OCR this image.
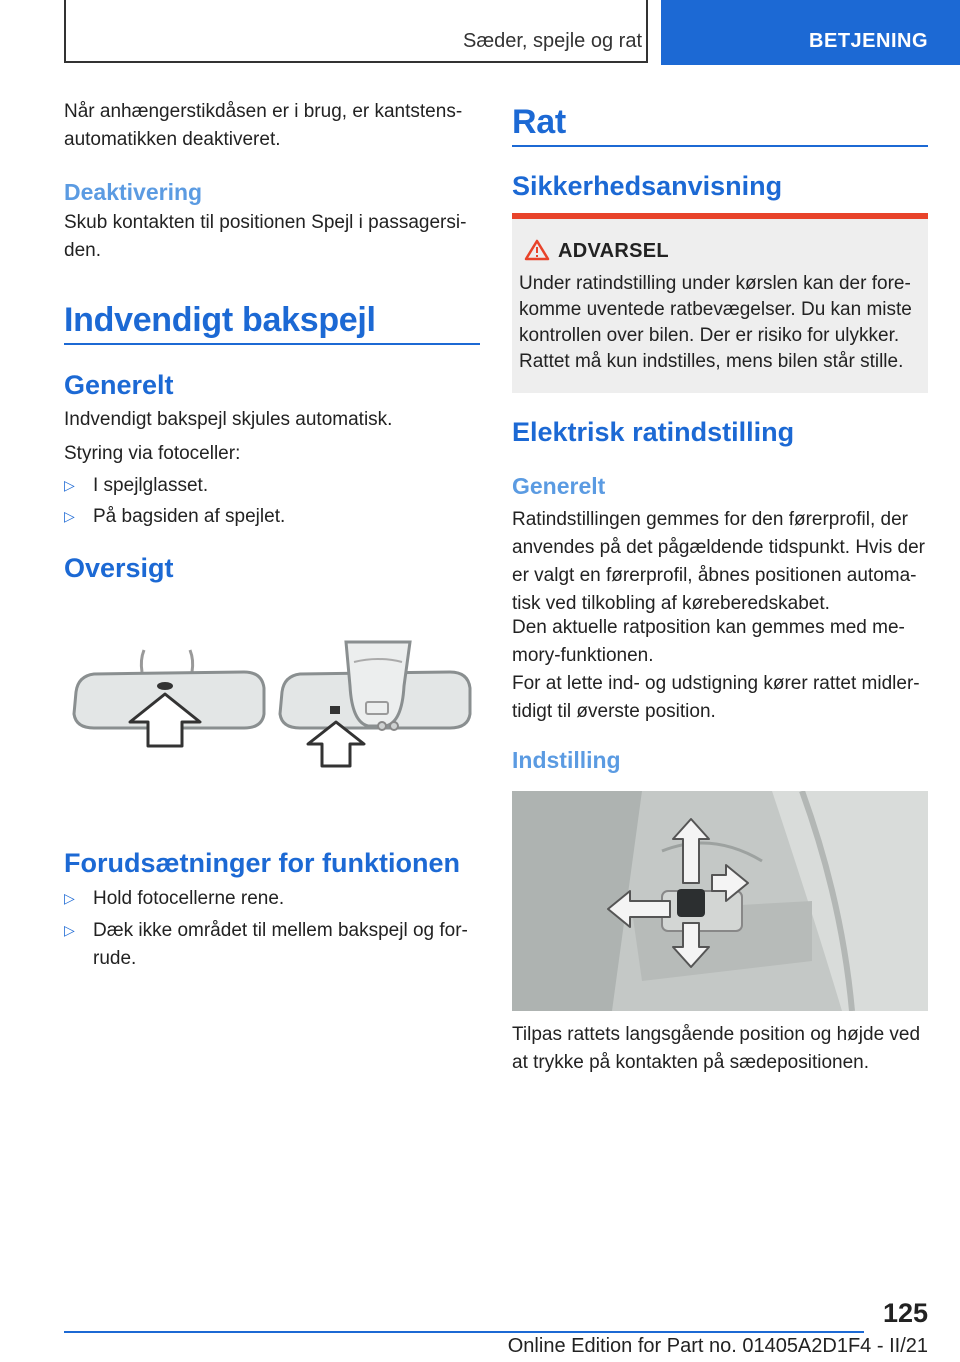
Sæder, spejle og rat	BETJENING
Når anhængerstikdåsen er i brug, er kantstensautomatikken deaktiveret.
Deaktivering
Skub kontakten til positionen Spejl i passagersiden.
Indvendigt bakspejl
Generelt
Indvendigt bakspejl skjules automatisk.
Styring via fotoceller:
▷ I spejlglasset.
▷ På bagsiden af spejlet.
Oversigt
Forudsætninger for funktionen
▷ Hold fotocellerne rene.
▷ Dæk ikke området til mellem bakspejl og forrude.
Rat
Sikkerhedsanvisning
ADVARSEL
Under ratindstilling under kørslen kan der forekomme uventede ratbevægelser. Du kan miste kontrollen over bilen. Der er risiko for ulykker. Rattet må kun indstilles, mens bilen står stille.
Elektrisk ratindstilling
Generelt
Ratindstillingen gemmes for den førerprofil, der anvendes på det pågældende tidspunkt. Hvis der er valgt en førerprofil, åbnes positionen automatisk ved tilkobling af køreberedskabet.
Den aktuelle ratposition kan gemmes med memory-funktionen.
For at lette ind- og udstigning kører rattet midlertidigt til øverste position.
Indstilling
Tilpas rattets langsgående position og højde ved at trykke på kontakten på sædepositionen.
125
Online Edition for Part no. 01405A2D1F4 - II/21
